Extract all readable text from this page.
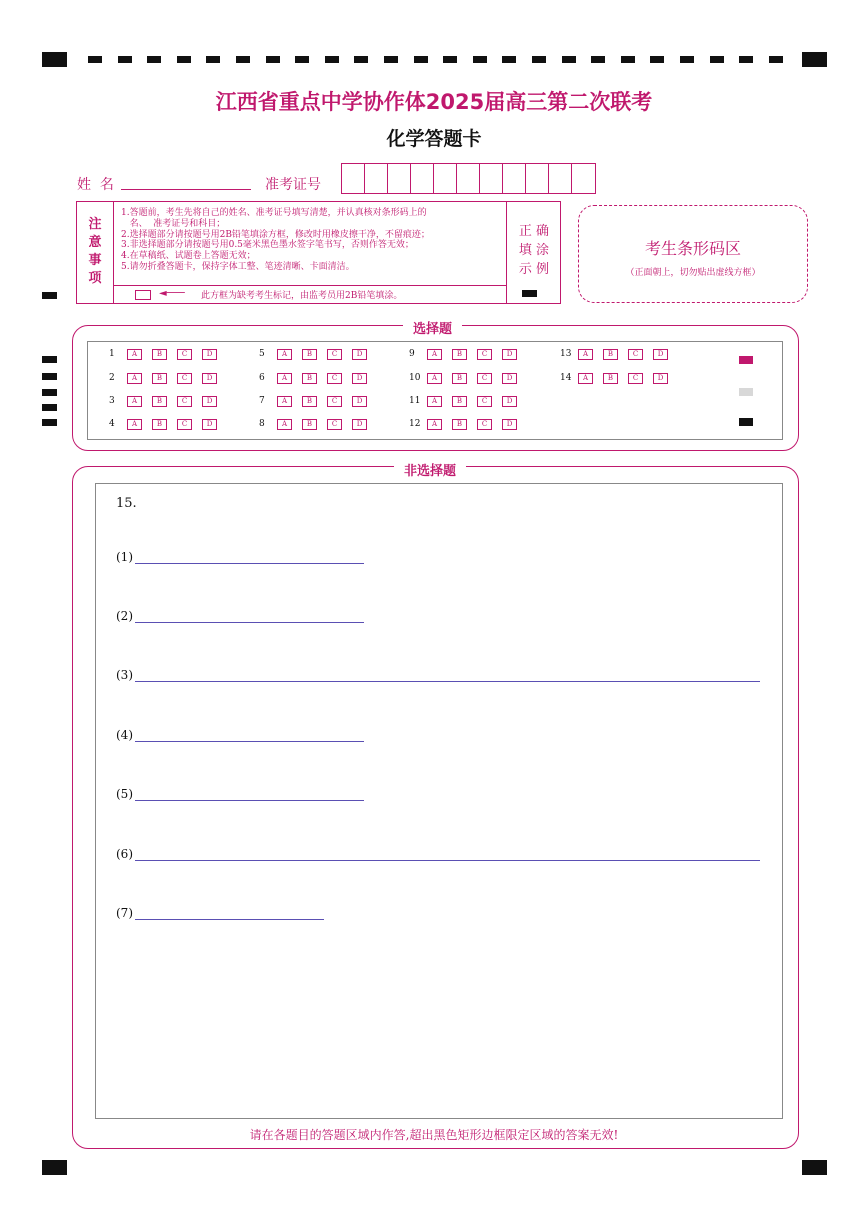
江西省重点中学协作体2025届高三第二次联考
化学答题卡
姓  名	准考证号
注
意
事
项
1.答题前，考生先将自己的姓名、准考证号填写清楚，并认真核对条形码上的
名、  准考证号和科目；
2.选择题部分请按题号用2B铅笔填涂方框，修改时用橡皮擦干净，不留痕迹；
3.非选择题部分请按题号用0.5毫米黑色墨水签字笔书写，否则作答无效；
4.在草稿纸、试题卷上答题无效；
5.请勿折叠答题卡，保持字体工整、笔迹清晰、卡面清洁。
◄─── 此方框为缺考考生标记，由监考员用2B铅笔填涂。
正 确
填 涂
示 例
考生条形码区
（正面朝上，切勿贴出虚线方框）
选择题
1	A	B	C	D
2	A	B	C	D
3	A	B	C	D
4	A	B	C	D
5	A	B	C	D
6	A	B	C	D
7	A	B	C	D
8	A	B	C	D
9	A	B	C	D
10	A	B	C	D
11	A	B	C	D
12	A	B	C	D
13	A	B	C	D
14	A	B	C	D
非选择题
15.
(1)
(2)
(3)
(4)
(5)
(6)
(7)
请在各题目的答题区域内作答,超出黑色矩形边框限定区域的答案无效!
